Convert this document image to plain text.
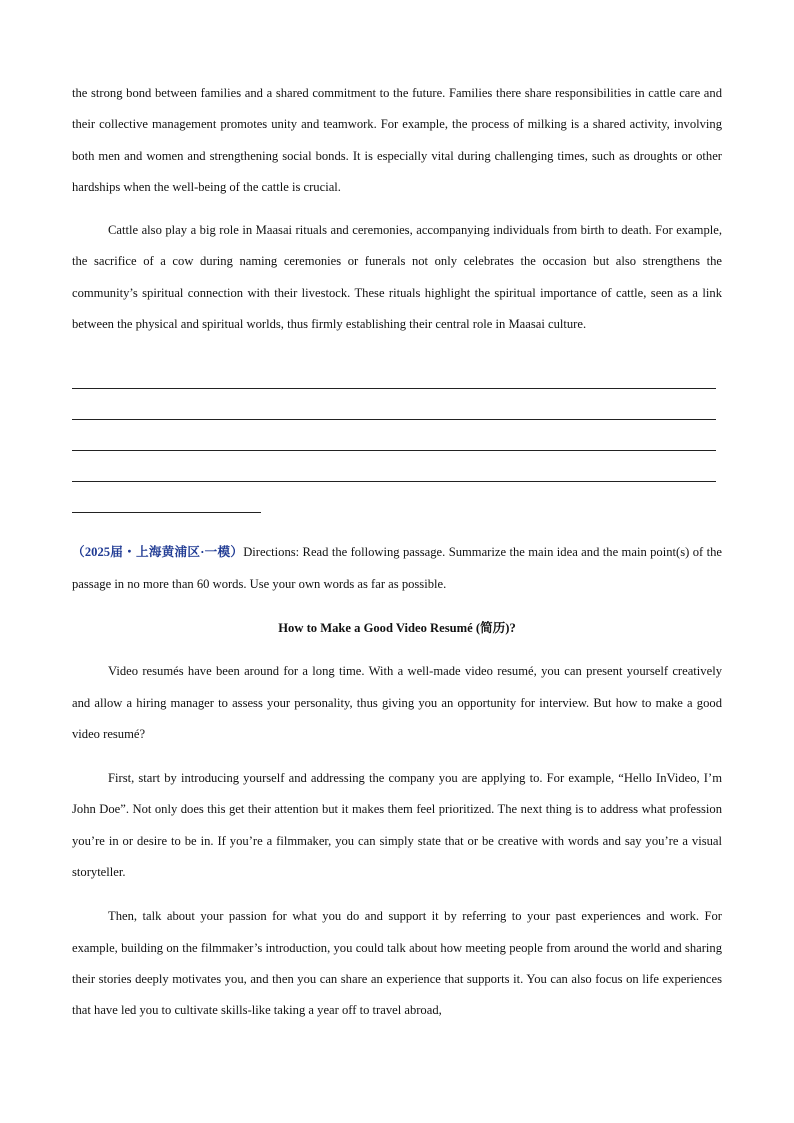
the strong bond between families and a shared commitment to the future. Families there share responsibilities in cattle care and their collective management promotes unity and teamwork. For example, the process of milking is a shared activity, involving both men and women and strengthening social bonds. It is especially vital during challenging times, such as droughts or other hardships when the well-being of the cattle is crucial.

Cattle also play a big role in Maasai rituals and ceremonies, accompanying individuals from birth to death. For example, the sacrifice of a cow during naming ceremonies or funerals not only celebrates the occasion but also strengthens the community’s spiritual connection with their livestock. These rituals highlight the spiritual importance of cattle, seen as a link between the physical and spiritual worlds, thus firmly establishing their central role in Maasai culture.

（2025届・上海黄浦区·一模）Directions: Read the following passage. Summarize the main idea and the main point(s) of the passage in no more than 60 words. Use your own words as far as possible.

How to Make a Good Video Resumé (简历)?

Video resumés have been around for a long time. With a well-made video resumé, you can present yourself creatively and allow a hiring manager to assess your personality, thus giving you an opportunity for interview. But how to make a good video resumé?

First, start by introducing yourself and addressing the company you are applying to. For example, “Hello InVideo, I’m John Doe”. Not only does this get their attention but it makes them feel prioritized. The next thing is to address what profession you’re in or desire to be in. If you’re a filmmaker, you can simply state that or be creative with words and say you’re a visual storyteller.

Then, talk about your passion for what you do and support it by referring to your past experiences and work. For example, building on the filmmaker’s introduction, you could talk about how meeting people from around the world and sharing their stories deeply motivates you, and then you can share an experience that supports it. You can also focus on life experiences that have led you to cultivate skills-like taking a year off to travel abroad,
